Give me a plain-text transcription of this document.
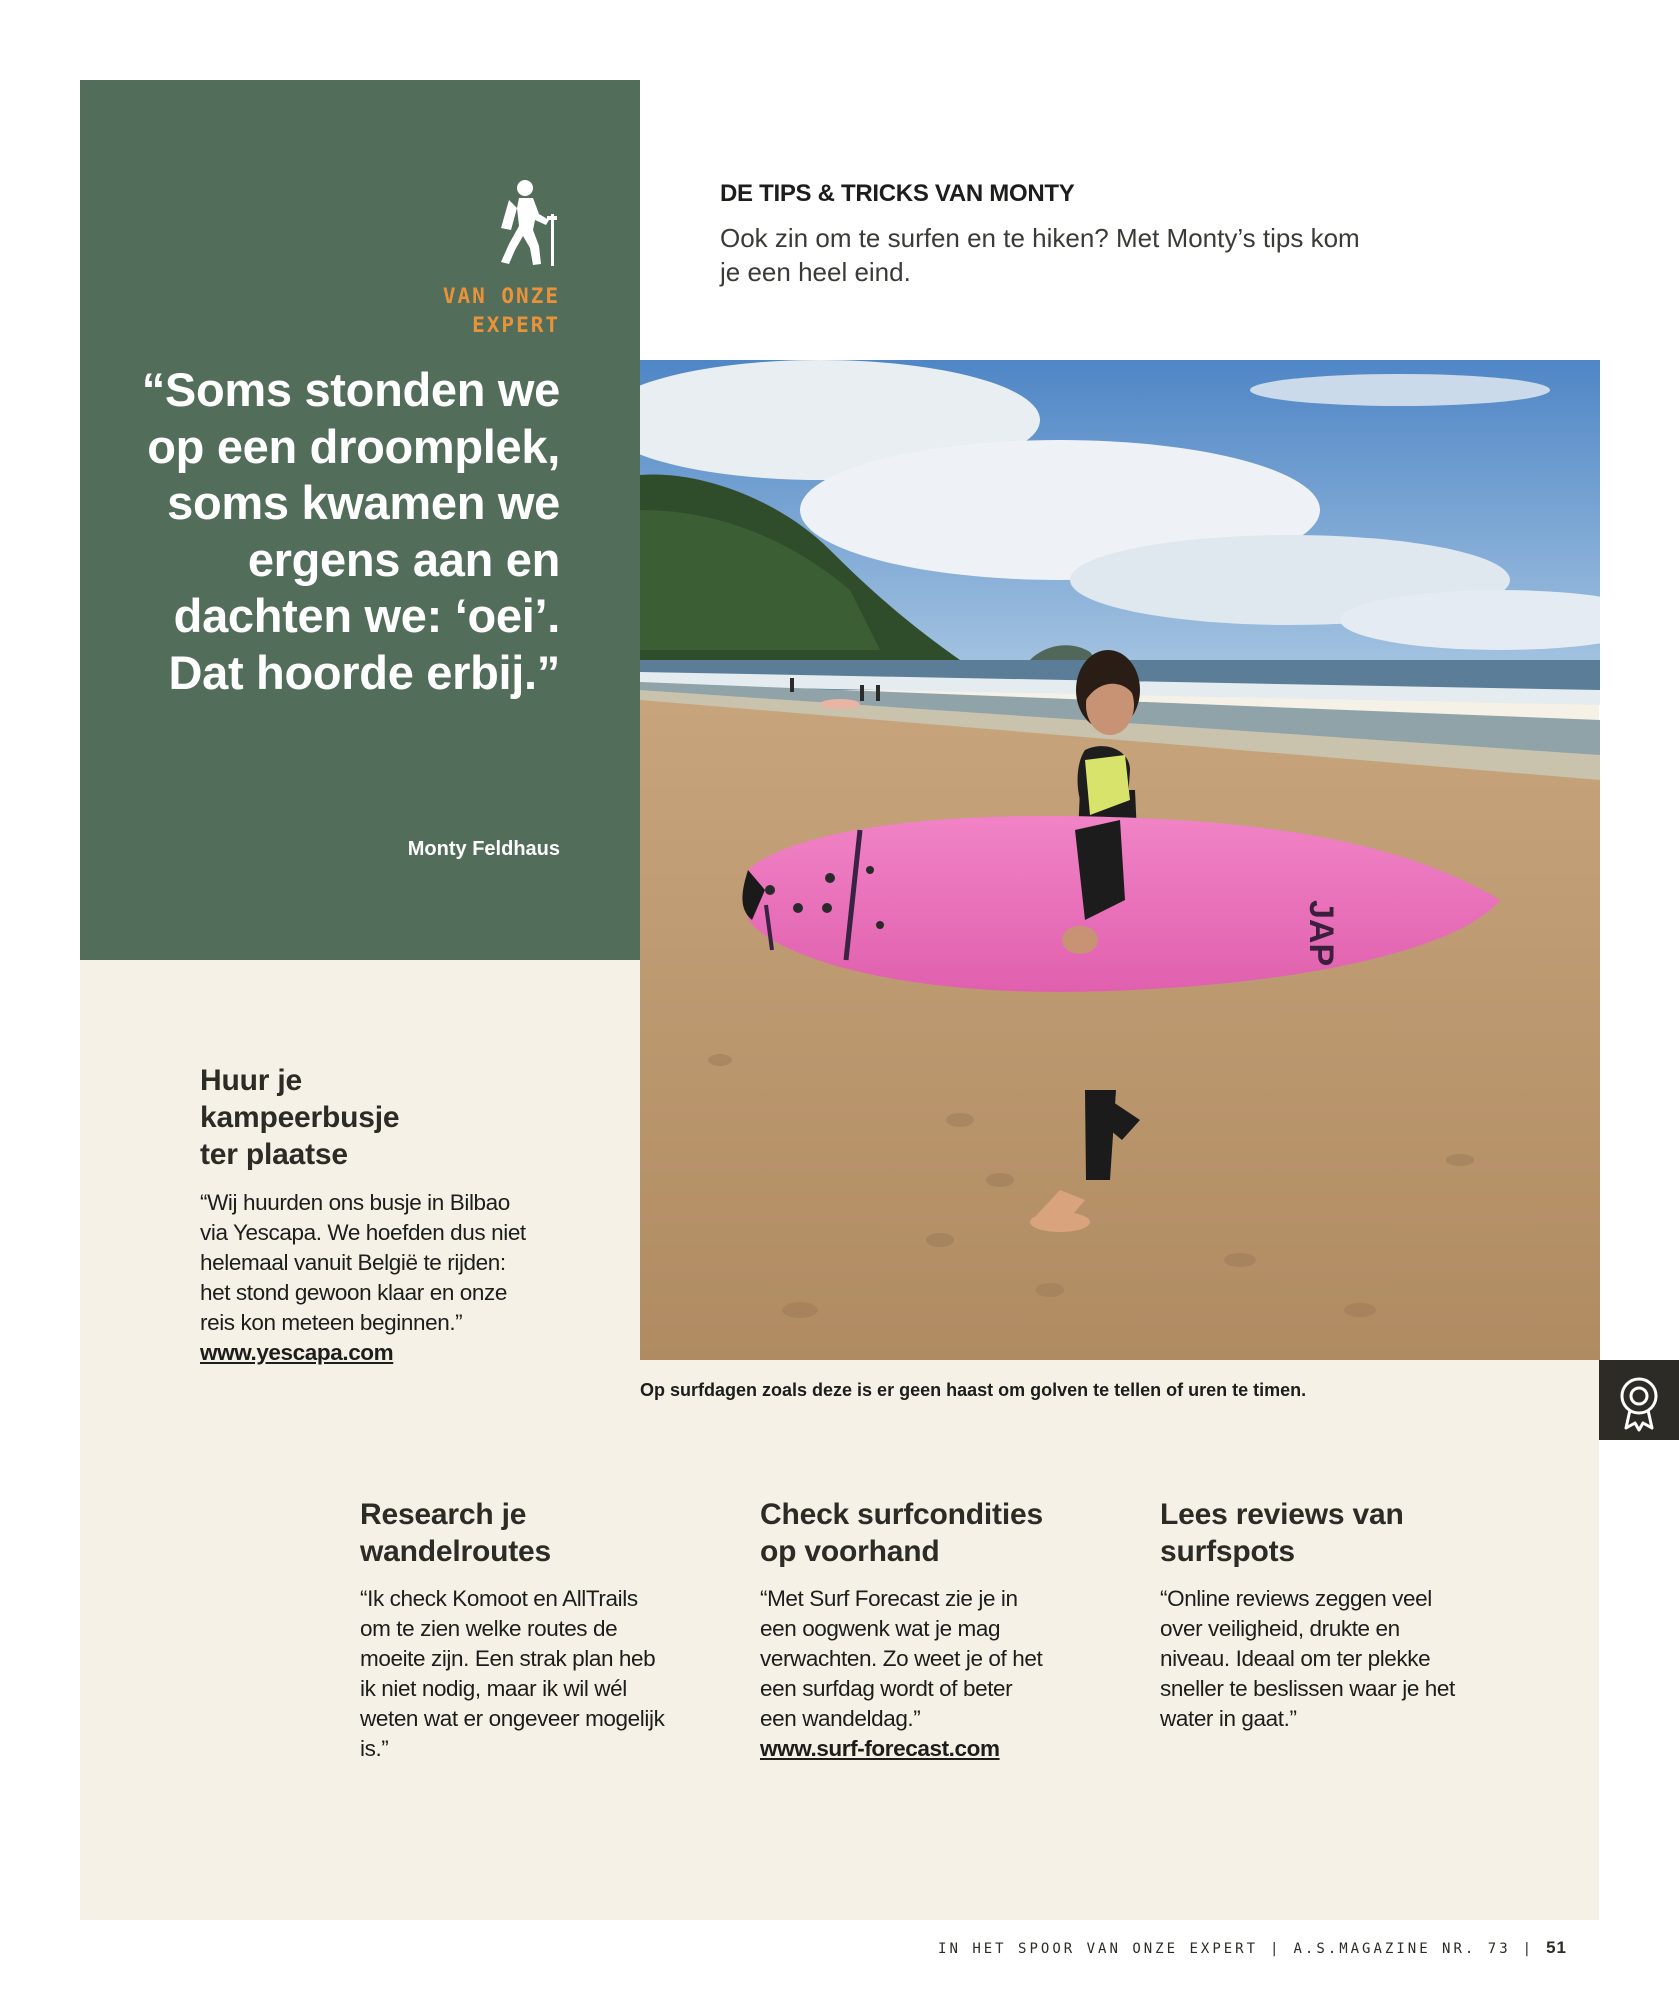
VAN ONZE
EXPERT
“Soms stonden we op een droomplek, soms kwamen we ergens aan en dachten we: ‘oei’. Dat hoorde erbij.”
Monty Feldhaus
DE TIPS & TRICKS VAN MONTY
Ook zin om te surfen en te hiken? Met Monty’s tips kom je een heel eind.
JAP
Op surfdagen zoals deze is er geen haast om golven te tellen of uren te timen.
Huur je kampeerbusje ter plaatse
“Wij huurden ons busje in Bilbao via Yescapa. We hoefden dus niet helemaal vanuit België te rijden: het stond gewoon klaar en onze reis kon meteen beginnen.”
www.yescapa.com
Research je wandelroutes
“Ik check Komoot en AllTrails om te zien welke routes de moeite zijn. Een strak plan heb ik niet nodig, maar ik wil wél weten wat er ongeveer mogelijk is.”
Check surfcondities op voorhand
“Met Surf Forecast zie je in een oogwenk wat je mag verwachten. Zo weet je of het een surfdag wordt of beter een wandeldag.”
www.surf-forecast.com
Lees reviews van surfspots
“Online reviews zeggen veel over veiligheid, drukte en niveau. Ideaal om ter plekke sneller te beslissen waar je het water in gaat.”
IN HET SPOOR VAN ONZE EXPERT | A.S.MAGAZINE NR. 73 | 51
